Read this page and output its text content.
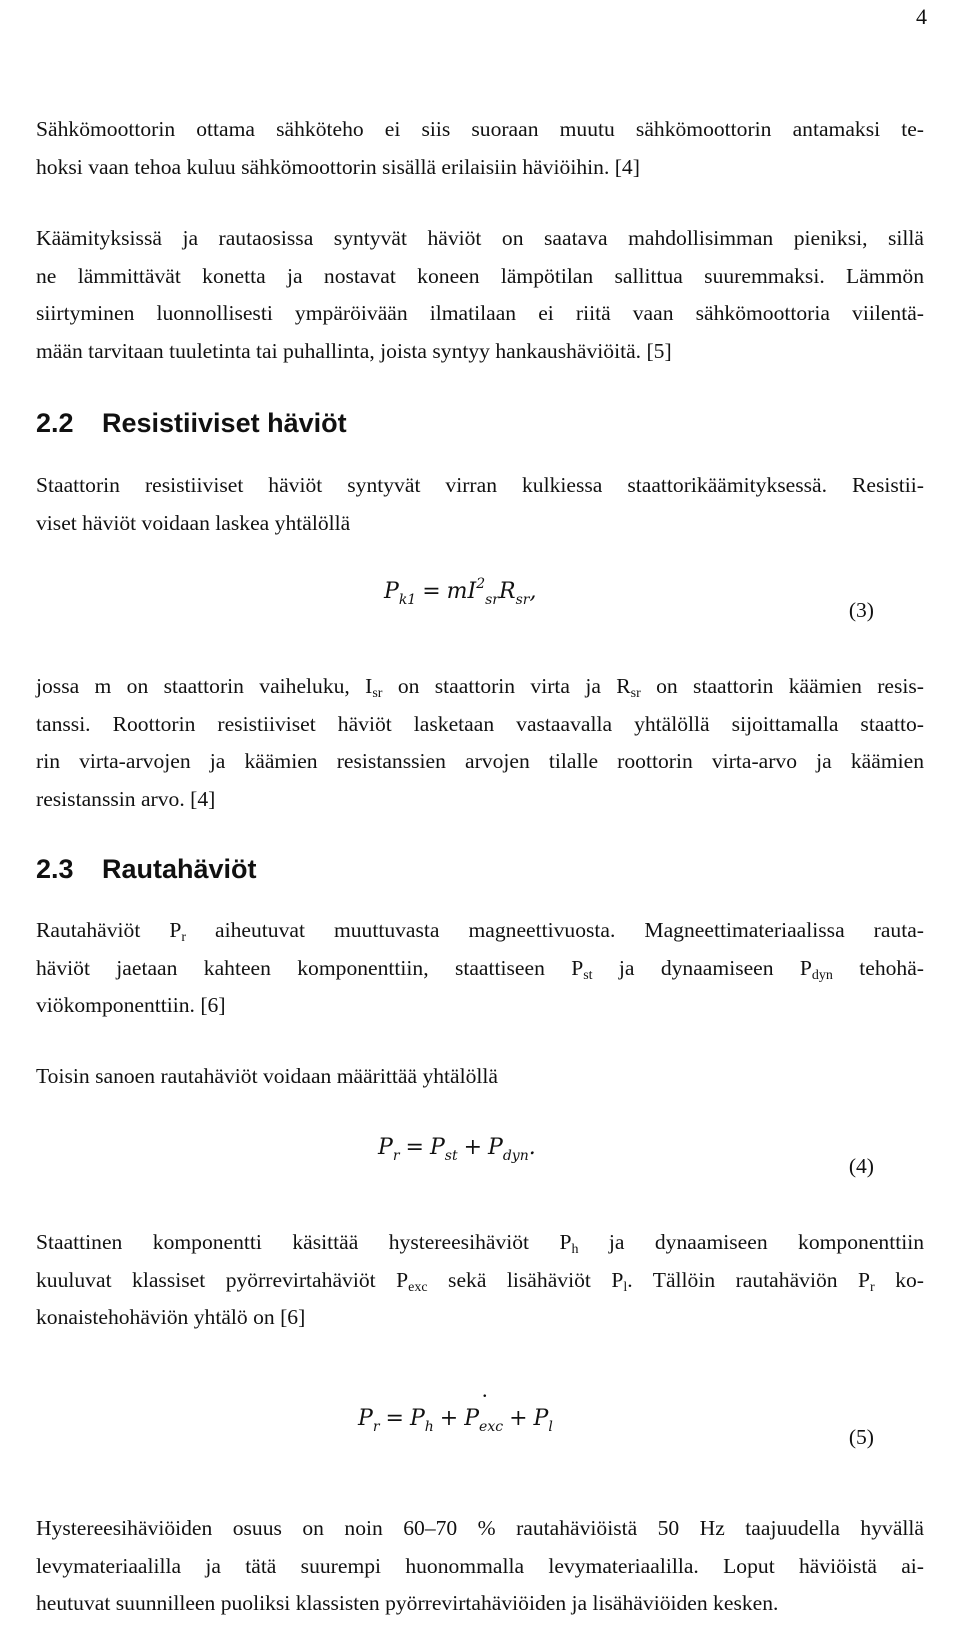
4

Sähkömoottorin ottama sähköteho ei siis suoraan muutu sähkömoottorin antamaksi te-
hoksi vaan tehoa kuluu sähkömoottorin sisällä erilaisiin häviöihin. [4]

Käämityksissä ja rautaosissa syntyvät häviöt on saatava mahdollisimman pieniksi, sillä
ne lämmittävät konetta ja nostavat koneen lämpötilan sallittua suuremmaksi. Lämmön
siirtyminen luonnollisesti ympäröivään ilmatilaan ei riitä vaan sähkömoottoria viilentä-
mään tarvitaan tuuletinta tai puhallinta, joista syntyy hankaushäviöitä. [5]

2.2 Resistiiviset häviöt

Staattorin resistiiviset häviöt syntyvät virran kulkiessa staattorikäämityksessä. Resistii-
viset häviöt voidaan laskea yhtälöllä

$P_{k1} = mI^2_{sr}R_{sr}$,
(3)

jossa m on staattorin vaiheluku, $I_{sr}$ on staattorin virta ja $R_{sr}$ on staattorin käämien resis-
tanssi. Roottorin resistiiviset häviöt lasketaan vastaavalla yhtälöllä sijoittamalla staatto-
rin virta-arvojen ja käämien resistanssien arvojen tilalle roottorin virta-arvo ja käämien
resistanssin arvo. [4]

2.3 Rautahäviöt

Rautahäviöt $P_r$ aiheutuvat muuttuvasta magneettivuosta. Magneettimateriaalissa rauta-
häviöt jaetaan kahteen komponenttiin, staattiseen $P_{st}$ ja dynaamiseen $P_{dyn}$ tehohä-
viökomponenttiin. [6]

Toisin sanoen rautahäviöt voidaan määrittää yhtälöllä

$P_r = P_{st} + P_{dyn}$.
(4)

Staattinen komponentti käsittää hystereesihäviöt $P_h$ ja dynaamiseen komponenttiin
kuuluvat klassiset pyörrevirtahäviöt $P_{exc}$ sekä lisähäviöt $P_l$. Tällöin rautahäviön $P_r$ ko-
konaistehohäviön yhtälö on [6]

.
$P_r = P_h + P_{exc} + P_l$	(5)

Hystereesihäviöiden osuus on noin 60–70 % rautahäviöistä 50 Hz taajuudella hyvällä
levymateriaalilla ja tätä suurempi huonommalla levymateriaalilla. Loput häviöistä ai-
heutuvat suunnilleen puoliksi klassisten pyörrevirtahäviöiden ja lisähäviöiden kesken.
